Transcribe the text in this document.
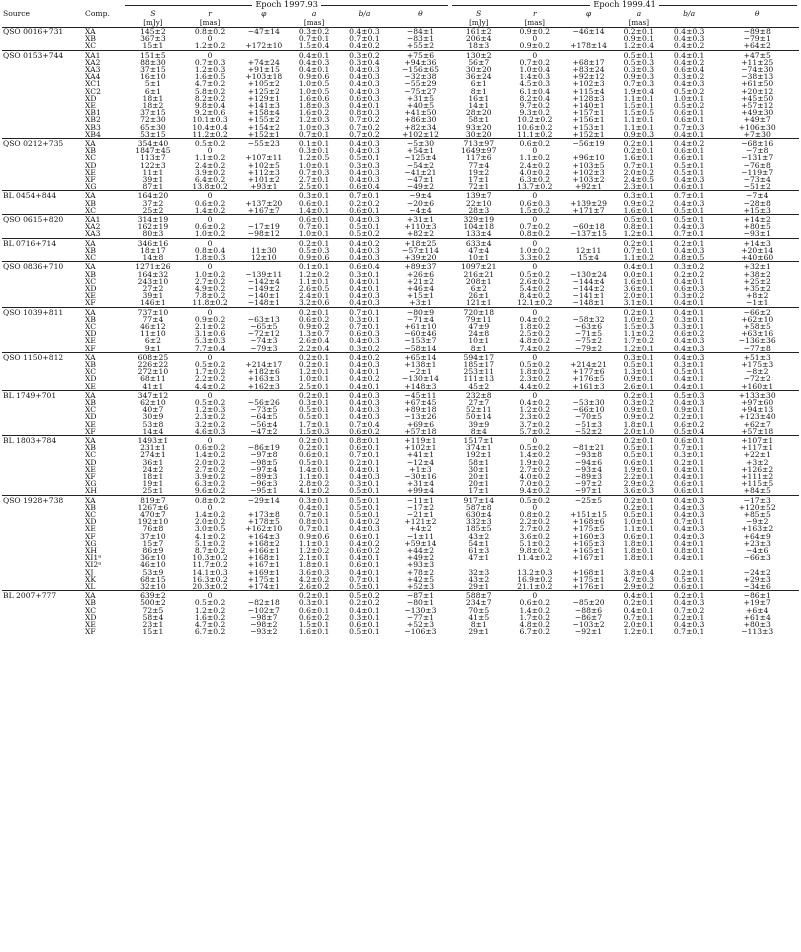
		Epoch 1997.93						Epoch 1999.41					
Source	Comp.	S	r	φ	a	b/a	θ	S	r	φ	a	b/a	θ
		[mJy]	[mas]		[mas]			[mJy]	[mas]		[mas]		
QSO 0016+731	XA	145±2	0.8±0.2	−47±14	0.3±0.2	0.4±0.3	−84±1	161±2	0.9±0.2	−46±14	0.2±0.1	0.4±0.3	−89±8
	XB	367±3	0		0.7±0.1	0.7±0.1	−83±1	206±4	0		0.9±0.1	0.4±0.3	−79±1
	XC	15±1	1.2±0.2	+172±10	1.5±0.4	0.4±0.2	+55±2	18±3	0.9±0.2	+178±14	1.2±0.4	0.4±0.2	+64±2
QSO 0153+744	XA1	151±5	0		0.4±0.1	0.3±0.2	+75±6	130±2	0		0.5±0.1	0.4±0.1	+47±5
	XA2	88±30	0.7±0.3	+74±24	0.4±0.3	0.3±0.4	+94±36	56±7	0.7±0.2	+68±17	0.5±0.3	0.4±0.2	+11±25
	XA3	37±15	1.2±0.3	+91±15	0.4±0.1	0.4±0.3	−156±65	30±20	1.0±0.4	+83±24	0.3±0.3	0.6±0.4	−74±30
	XA4	16±10	1.6±0.5	+103±18	0.9±0.6	0.4±0.3	−32±38	36±24	1.4±0.3	+92±12	0.9±0.3	0.3±0.2	−38±13
	XC1	5±1	4.7±0.2	+105±2	1.0±0.5	0.4±0.3	−55±29	6±1	4.5±0.3	+102±3	0.7±0.3	0.4±0.3	+61±50
	XC2	6±1	5.8±0.2	+125±2	1.0±0.5	0.4±0.3	−75±27	8±1	6.1±0.4	+115±4	1.9±0.4	0.5±0.2	+20±12
	XD	18±1	8.2±0.2	+129±1	1.6±0.6	0.6±0.3	+31±5	16±1	8.2±0.4	+128±3	1.1±0.1	1.0±0.1	+45±50
	XE	18±2	9.8±0.4	+141±3	1.8±0.3	0.4±0.1	+40±5	14±1	9.7±0.2	+140±1	1.5±0.1	0.5±0.2	+57±12
	XB1	37±15	9.2±0.6	+158±4	1.6±0.2	0.8±0.3	+41±50	28±20	9.3±0.2	+157±1	1.5±0.5	0.6±0.1	+49±30
	XB2	72±30	10.1±0.3	+155±2	1.2±0.3	0.7±0.2	+86±30	58±1	10.2±0.2	+156±1	1.1±0.1	0.6±0.1	+49±7
	XB3	65±30	10.4±0.4	+154±2	1.0±0.3	0.7±0.2	+82±34	93±20	10.6±0.2	+153±1	1.1±0.1	0.7±0.3	+106±30
	XB4	53±15	11.2±0.2	+152±1	0.7±0.1	0.7±0.2	+102±12	30±20	11.1±0.2	+152±1	0.9±0.3	0.4±0.1	+7±30
QSO 0212+735	XA	354±40	0.5±0.2	−55±23	0.1±0.1	0.4±0.3	−5±30	713±97	0.6±0.2	−56±19	0.2±0.1	0.4±0.2	−68±16
	XB	1847±45	0		0.3±0.1	0.4±0.3	+54±1	1649±97	0		0.2±0.1	0.6±0.1	−7±8
	XC	113±7	1.1±0.2	+107±11	1.2±0.5	0.5±0.1	−125±4	117±6	1.1±0.2	+96±10	1.6±0.1	0.6±0.1	−131±7
	XD	122±3	2.4±0.2	+102±5	1.0±0.1	0.3±0.3	−54±2	77±4	2.4±0.2	+103±5	0.7±0.1	0.5±0.1	−76±8
	XE	11±1	3.9±0.2	+112±3	0.7±0.3	0.4±0.3	−41±21	19±2	4.0±0.2	+102±3	2.0±0.2	0.5±0.1	−119±7
	XF	39±1	6.4±0.2	+101±2	2.7±0.1	0.4±0.3	−47±1	17±1	6.3±0.2	+103±2	2.4±0.5	0.4±0.3	−73±4
	XG	87±1	13.8±0.2	+93±1	2.5±0.1	0.6±0.4	−49±2	72±1	13.7±0.2	+92±1	2.3±0.1	0.6±0.1	−51±2
BL 0454+844	XA	164±20	0		0.3±0.1	0.7±0.1	−9±4	139±7	0		0.3±0.1	0.7±0.1	−7±4
	XB	37±2	0.6±0.2	+137±20	0.6±0.1	0.2±0.2	−20±6	22±10	0.6±0.3	+139±29	0.9±0.2	0.4±0.3	−28±8
	XC	25±2	1.4±0.2	+167±7	1.4±0.1	0.6±0.1	−4±4	28±3	1.5±0.2	+171±7	1.6±0.1	0.5±0.1	+15±3
QSO 0615+820	XA1	314±19	0		0.6±0.1	0.4±0.3	+31±1	329±19	0		0.5±0.1	0.5±0.1	+14±2
	XA2	162±19	0.6±0.2	−17±19	0.7±0.1	0.5±0.1	+110±3	104±18	0.7±0.2	−60±18	0.8±0.1	0.4±0.3	+80±5
	XA3	80±3	1.0±0.2	−98±12	1.0±0.1	0.5±0.2	+82±2	133±4	0.8±0.2	−137±15	1.2±0.1	0.7±0.1	−93±1
BL 0716+714	XA	346±16	0		0.2±0.1	0.4±0.2	+18±25	633±4	0		0.2±0.1	0.2±0.1	+14±3
	XB	18±17	0.8±0.4	11±30	0.5±0.3	0.4±0.3	−57±114	47±4	1.0±0.2	12±11	0.7±0.1	0.4±0.3	+20±14
	XC	14±8	1.8±0.3	12±10	0.9±0.6	0.4±0.3	+39±20	10±1	3.3±0.2	15±4	1.1±0.2	0.8±0.5	+40±60
QSO 0836+710	XA	1271±26	0		0.1±0.1	0.6±0.4	+89±37	1097±21	0		0.4±0.1	0.3±0.2	+32±1
	XB	164±32	1.0±0.2	−139±11	1.2±0.2	0.3±0.1	+26±6	216±21	0.5±0.2	−130±24	0.0±0.1	0.2±0.2	+38±2
	XC	243±10	2.7±0.2	−142±4	1.1±0.1	0.4±0.1	+21±2	208±1	2.6±0.2	−144±4	1.6±0.1	0.4±0.1	+25±2
	XD	27±2	4.9±0.2	−149±2	2.6±0.5	0.4±0.1	+46±4	6±2	5.4±0.2	−144±2	3.6±0.1	0.6±0.3	+35±2
	XE	39±1	7.8±0.2	−140±1	2.4±0.1	0.4±0.3	+15±1	26±1	8.4±0.2	−141±1	2.0±0.1	0.3±0.2	+8±2
	XF	146±1	11.8±0.2	−148±1	3.2±0.6	0.4±0.3	+3±1	121±1	12.1±0.2	−148±1	3.1±0.1	0.4±0.1	−1±1
QSO 1039+811	XA	737±10	0		0.2±0.1	0.7±0.1	−80±9	720±18	0		0.2±0.1	0.4±0.1	−66±2
	XB	77±4	0.9±0.2	−63±13	0.6±0.2	0.3±0.1	−71±4	79±11	0.4±0.2	−58±32	1.0±0.2	0.3±0.1	+62±10
	XC	46±12	2.1±0.2	−65±5	0.9±0.2	0.7±0.1	+61±10	47±9	1.8±0.2	−63±6	1.5±0.3	0.3±0.1	+58±5
	XD	11±10	3.1±0.6	−72±12	1.3±0.7	0.6±0.3	−60±46	24±8	2.5±0.2	−71±5	1.1±0.2	0.6±0.2	+63±16
	XE	6±2	5.3±0.3	−74±3	2.6±0.4	0.4±0.3	−153±7	10±1	4.8±0.2	−75±2	1.7±0.2	0.4±0.3	−136±36
	XF	9±1	7.7±0.4	−79±3	2.2±0.4	0.3±0.2	−58±14	8±1	7.4±0.2	−79±2	1.2±0.1	0.4±0.3	−77±8
QSO 1150+812	XA	608±25	0		0.2±0.1	0.4±0.2	+65±14	594±17	0		0.3±0.1	0.4±0.3	+51±3
	XB	226±22	0.5±0.2	+214±17	0.2±0.1	0.4±0.3	+138±1	185±17	0.5±0.2	+214±21	0.5±0.1	0.3±0.1	+175±3
	XC	272±10	1.7±0.2	+182±6	1.2±0.1	0.4±0.1	−2±1	253±11	1.8±0.2	+177±6	1.3±0.1	0.5±0.1	−8±2
	XD	68±11	2.2±0.2	+163±3	1.0±0.1	0.4±0.2	−130±14	111±13	2.3±0.2	+176±5	0.9±0.1	0.4±0.1	−72±2
	XE	41±1	4.4±0.2	+162±3	2.5±0.1	0.4±0.1	+148±3	45±2	4.4±0.2	+161±3	2.6±0.1	0.4±0.1	+160±1
BL 1749+701	XA	347±12	0		0.2±0.1	0.4±0.3	−45±11	232±8	0		0.2±0.1	0.5±0.3	+133±30
	XB	62±10	0.5±0.2	−56±26	0.3±0.1	0.4±0.3	+67±45	27±7	0.4±0.2	−53±30	0.3±0.2	0.4±0.3	+97±60
	XC	40±7	1.2±0.3	−73±5	0.5±0.1	0.4±0.3	+89±18	52±11	1.2±0.2	−66±10	0.9±0.1	0.9±0.1	+94±13
	XD	30±9	2.3±0.2	−64±5	0.5±0.1	0.4±0.3	−13±26	50±14	2.3±0.2	−70±5	0.9±0.2	0.2±0.1	+123±40
	XE	53±8	3.2±0.2	−56±4	1.7±0.1	0.7±0.4	+69±6	39±9	3.7±0.2	−51±3	1.8±0.1	0.6±0.2	+62±7
	XF	14±4	4.6±0.3	−47±2	1.5±0.3	0.6±0.2	+57±18	8±4	5.7±0.2	−52±2	2.0±1.0	0.5±0.4	+57±18
BL 1803+784	XA	1493±1	0		0.2±0.1	0.8±0.1	+119±1	1517±1	0		0.2±0.1	0.6±0.1	+107±1
	XB	231±1	0.6±0.2	−86±19	0.2±0.1	0.6±0.1	+102±1	374±1	0.5±0.2	−81±21	0.5±0.1	0.7±0.1	+117±1
	XC	274±1	1.4±0.2	−97±8	0.6±0.1	0.7±0.1	+41±1	192±1	1.4±0.2	−93±8	0.5±0.1	0.3±0.1	+22±1
	XD	36±1	2.0±0.2	−98±5	0.5±0.1	0.2±0.1	−12±4	58±1	1.9±0.2	−94±6	0.6±0.1	0.2±0.1	+3±2
	XE	24±2	2.7±0.2	−97±4	1.4±0.1	0.4±0.1	+1±3	30±1	2.7±0.2	−93±4	1.9±0.1	0.4±0.1	+126±2
	XF	18±1	3.9±0.2	−89±3	1.1±0.1	0.4±0.3	−30±16	20±1	4.0±0.2	−89±3	2.2±0.1	0.4±0.1	+111±2
	XG	19±1	6.3±0.2	−96±3	2.8±0.2	0.3±0.1	+31±4	20±1	7.0±0.2	−97±2	2.9±0.2	0.6±0.1	+115±5
	XH	25±1	9.6±0.2	−95±1	4.1±0.2	0.5±0.1	+99±4	17±1	9.4±0.2	−97±1	3.6±0.3	0.6±0.1	+84±5
QSO 1928+738	XA	819±7	0.8±0.2	−29±14	0.3±0.1	0.5±0.1	−11±1	917±14	0.5±0.2	−25±5	0.2±0.1	0.4±0.3	−17±3
	XB	1267±6	0		0.4±0.1	0.5±0.1	−17±2	587±8	0		0.2±0.1	0.4±0.3	+120±52
	XC	470±7	1.4±0.2	+173±8	0.7±0.1	0.5±0.1	−21±1	630±4	0.8±0.2	+151±15	0.5±0.1	0.4±0.3	+85±5
	XD	192±10	2.0±0.2	+178±5	0.8±0.1	0.4±0.2	+121±2	332±3	2.2±0.2	+168±6	1.0±0.1	0.7±0.1	−9±2
	XE	76±8	3.0±0.5	+162±10	0.7±0.1	0.4±0.3	+4±2	185±5	2.7±0.2	+175±5	1.1±0.1	0.4±0.3	+163±2
	XF	37±10	4.1±0.2	+164±3	0.9±0.6	0.6±0.1	−1±11	43±2	3.6±0.2	+160±3	0.6±0.1	0.4±0.3	+64±9
	XG	15±7	5.1±0.2	+168±2	1.1±0.1	0.4±0.2	+59±14	54±1	5.1±0.2	+165±3	1.8±0.1	0.4±0.1	+23±3
	XH	86±9	8.7±0.2	+166±1	1.2±0.2	0.6±0.2	+44±2	61±3	9.8±0.2	+165±1	1.8±0.1	0.8±0.1	−4±6
	XI1ᵃ	36±10	10.3±0.2	+168±1	2.1±0.1	0.4±0.1	+49±2	47±1	11.4±0.2	+167±1	1.8±0.1	0.4±0.1	−66±3
	XI2ᵃ	46±10	11.7±0.2	+167±1	1.8±0.1	0.6±0.1	+93±3						
	XJ	53±9	14.1±0.3	+169±1	3.6±0.3	0.4±0.1	+78±2	32±3	13.2±0.3	+168±1	3.8±0.4	0.2±0.1	−24±2
	XK	68±15	16.3±0.2	+175±1	4.2±0.2	0.7±0.1	+42±5	43±2	16.9±0.2	+175±1	4.7±0.3	0.5±0.1	+29±3
	XL	32±10	20.3±0.2	+174±1	2.6±0.2	0.5±0.1	+52±3	29±1	21.1±0.2	+176±1	2.9±0.2	0.6±0.1	−34±6
BL 2007+777	XA	639±2	0		0.2±0.1	0.5±0.2	−87±1	588±7	0		0.4±0.1	0.2±0.1	−86±1
	XB	500±2	0.5±0.2	−82±18	0.3±0.1	0.2±0.2	−80±1	234±7	0.6±0.2	−85±20	0.2±0.1	0.4±0.3	+19±7
	XC	72±5	1.2±0.2	−102±7	0.6±0.1	0.4±0.1	−130±3	70±5	1.4±0.2	−88±6	0.4±0.1	0.7±0.2	+6±4
	XD	58±4	1.6±0.2	−98±7	0.6±0.2	0.3±0.1	−77±1	41±5	1.7±0.2	−86±7	0.7±0.1	0.2±0.1	+61±4
	XE	23±1	4.7±0.2	−98±2	1.5±0.1	0.6±0.1	+52±3	8±1	4.8±0.2	−103±2	2.0±0.1	0.4±0.3	+80±3
	XF	15±1	6.7±0.2	−93±2	1.6±0.1	0.5±0.1	−106±3	29±1	6.7±0.2	−92±1	1.2±0.1	0.7±0.1	−113±3
